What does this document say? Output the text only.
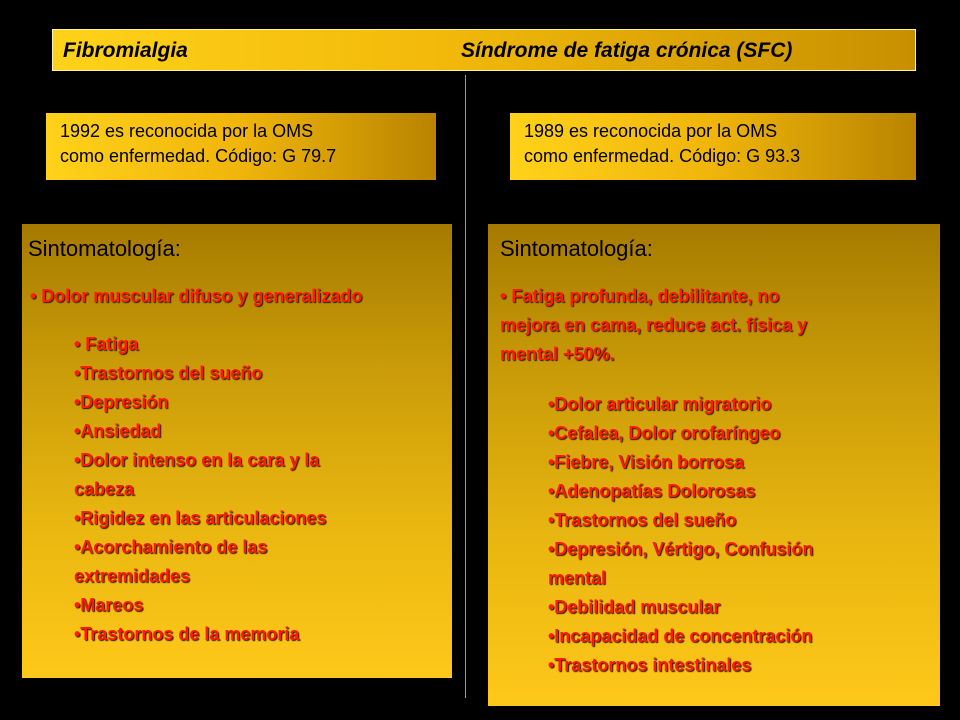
Fibromialgia	Síndrome de fatiga crónica (SFC)
1992 es reconocida por la OMS
como enfermedad. Código: G 79.7
1989 es reconocida por la OMS
como enfermedad. Código: G 93.3
Sintomatología:
• Dolor muscular difuso y generalizado
• Fatiga
•Trastornos del sueño
•Depresión
•Ansiedad
•Dolor intenso en la cara y la
cabeza
•Rigidez en las articulaciones
•Acorchamiento de las
extremidades
•Mareos
•Trastornos de la memoria
Sintomatología:
• Fatiga profunda, debilitante, no
mejora en cama, reduce act. física y
mental +50%.
•Dolor articular migratorio
•Cefalea, Dolor orofaríngeo
•Fiebre, Visión borrosa
•Adenopatías Dolorosas
•Trastornos del sueño
•Depresión, Vértigo, Confusión
mental
•Debilidad muscular
•Incapacidad de concentración
•Trastornos intestinales
